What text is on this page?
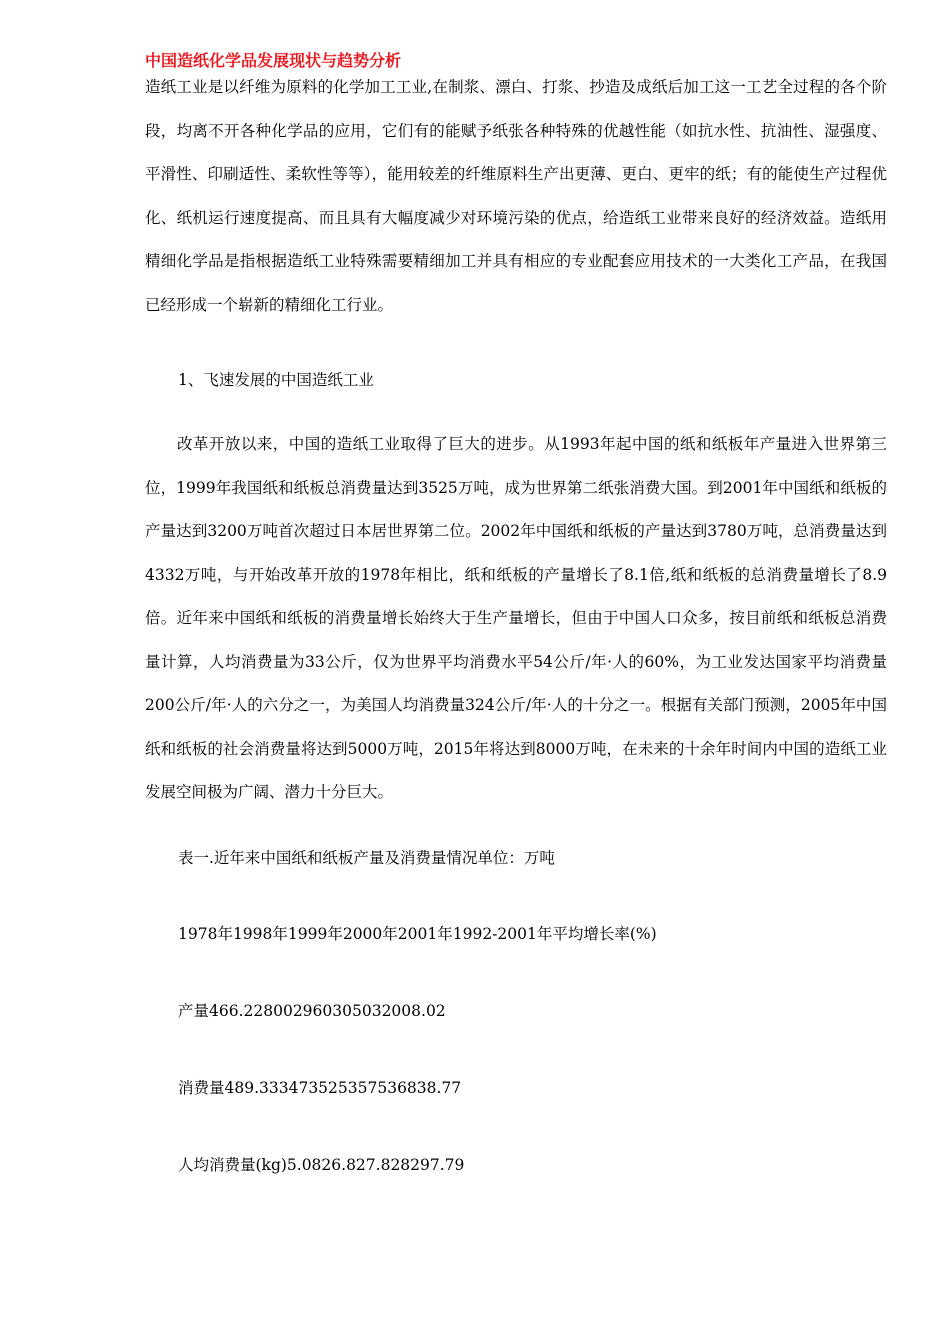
中国造纸化学品发展现状与趋势分析

造纸工业是以纤维为原料的化学加工工业,在制浆、漂白、打浆、抄造及成纸后加工这一工艺全过程的各个阶段，均离不开各种化学品的应用，它们有的能赋予纸张各种特殊的优越性能（如抗水性、抗油性、湿强度、平滑性、印刷适性、柔软性等等），能用较差的纤维原料生产出更薄、更白、更牢的纸；有的能使生产过程优化、纸机运行速度提高、而且具有大幅度减少对环境污染的优点，给造纸工业带来良好的经济效益。造纸用精细化学品是指根据造纸工业特殊需要精细加工并具有相应的专业配套应用技术的一大类化工产品，在我国已经形成一个崭新的精细化工行业。

1、飞速发展的中国造纸工业

改革开放以来，中国的造纸工业取得了巨大的进步。从1993年起中国的纸和纸板年产量进入世界第三位，1999年我国纸和纸板总消费量达到3525万吨，成为世界第二纸张消费大国。到2001年中国纸和纸板的产量达到3200万吨首次超过日本居世界第二位。2002年中国纸和纸板的产量达到3780万吨，总消费量达到4332万吨，与开始改革开放的1978年相比，纸和纸板的产量增长了8.1倍,纸和纸板的总消费量增长了8.9倍。近年来中国纸和纸板的消费量增长始终大于生产量增长，但由于中国人口众多，按目前纸和纸板总消费量计算，人均消费量为33公斤，仅为世界平均消费水平54公斤/年·人的60%，为工业发达国家平均消费量200公斤/年·人的六分之一，为美国人均消费量324公斤/年·人的十分之一。根据有关部门预测，2005年中国纸和纸板的社会消费量将达到5000万吨，2015年将达到8000万吨，在未来的十余年时间内中国的造纸工业发展空间极为广阔、潜力十分巨大。

表一.近年来中国纸和纸板产量及消费量情况单位：万吨
1978年1998年1999年2000年2001年1992-2001年平均增长率(%)
产量466.228002960305032008.02
消费量489.333473525357536838.77
人均消费量(kg)5.0826.827.828297.79
